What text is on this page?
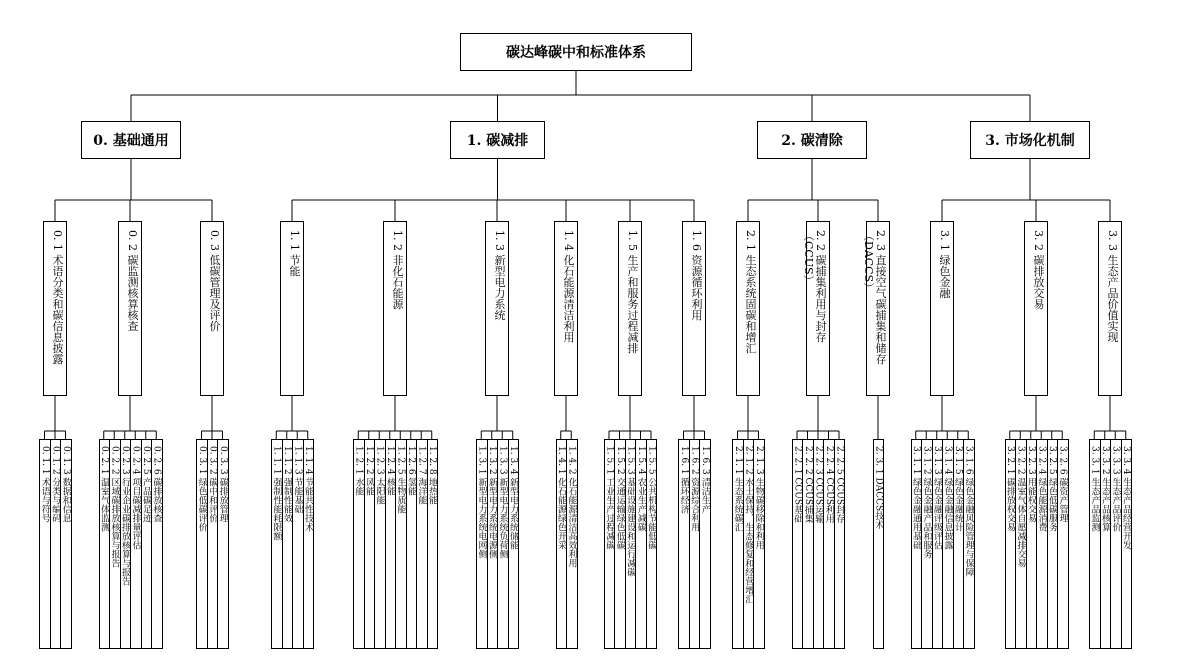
碳达峰碳中和标准体系
0. 基础通用
0. 1 术语分类和碳信息披露
0. 1. 1 术语与符号 0. 1. 2 分类与编码 0. 1. 3 数据和信息
0. 2 碳监测核算核查
0. 2. 1 温室气体监测 0. 2. 2 区域碳排放核算与报告 0. 2. 3 行业企业碳排放核算与报告 0. 2. 4 项目碳减排量评估 0. 2. 5 产品碳足迹 0. 2. 6 碳排放核查
0. 3 低碳管理及评价
0. 3. 1 绿色低碳评价 0. 3. 2 碳中和评价 0. 3. 3 碳排放管理
1. 碳减排
1. 1 节能
1. 1. 1 强制性能耗限额 1. 1. 2 强制性能效 1. 1. 3 节能基础 1. 1. 4 节能共性技术
1. 2 非化石能源
1. 2. 1 水能 1. 2. 2 风能 1. 2. 3 太阳能 1. 2. 4 核能 1. 2. 5 生物质能 1. 2. 6 氢能 1. 2. 7 海洋能 1. 2. 8 地热能
1. 3 新型电力系统
1. 3. 1 新型电力系统电网侧 1. 3. 2 新型电力系统电源侧 1. 3. 3 新型电力系统负荷侧 1. 3. 4 新型电力系统储能
1. 4 化石能源清洁利用
1. 4. 1 化石能源绿色开采 1. 4. 2 化石能源清洁高效利用
1. 5 生产和服务过程减排
1. 5. 1 工业生产过程减碳 1. 5. 2 交通运输绿色低碳 1. 5. 3 基础设施建设和运行减碳 1. 5. 4 农业生产减碳 1. 5. 5 公共机构节能低碳
1. 6 资源循环利用
1. 6. 1 循环经济 1. 6. 2 资源综合利用 1. 6. 3 清洁生产
2. 碳清除
2. 1 生态系统固碳和增汇
2. 1. 1 生态系统碳汇 2. 1. 2 水土保持、生态修复和经营增汇 2. 1. 3 生物碳移除和利用
2. 2 碳捕集利用与封存（CCUS）
2. 2. 1 CCUS基础 2. 2. 2 CCUS捕集 2. 2. 3 CCUS运输 2. 2. 4 CCUS利用 2. 2. 5 CCUS封存
2. 3 直接空气碳捕集和储存（DACCS）
2. 3. 1 DACCS技术
3. 市场化机制
3. 1 绿色金融
3. 1. 1 绿色金融通用基础 3. 1. 2 绿色金融产品和服务 3. 1. 3 绿色金融评级评估 3. 1. 4 绿色金融信息披露 3. 1. 5 绿色金融统计 3. 1. 6 绿色金融风险管理与保障
3. 2 碳排放交易
3. 2. 1 碳排放权交易 3. 2. 2 温室气体自愿减排交易 3. 2. 3 用能权交易 3. 2. 4 绿色能源消费 3. 2. 5 绿色低碳服务 3. 2. 6 碳资产管理
3. 3 生态产品价值实现
3. 3. 1 生态产品监测 3. 3. 2 生态产品核算 3. 3. 3 生态产品评价 3. 3. 4 生态产品经营开发
